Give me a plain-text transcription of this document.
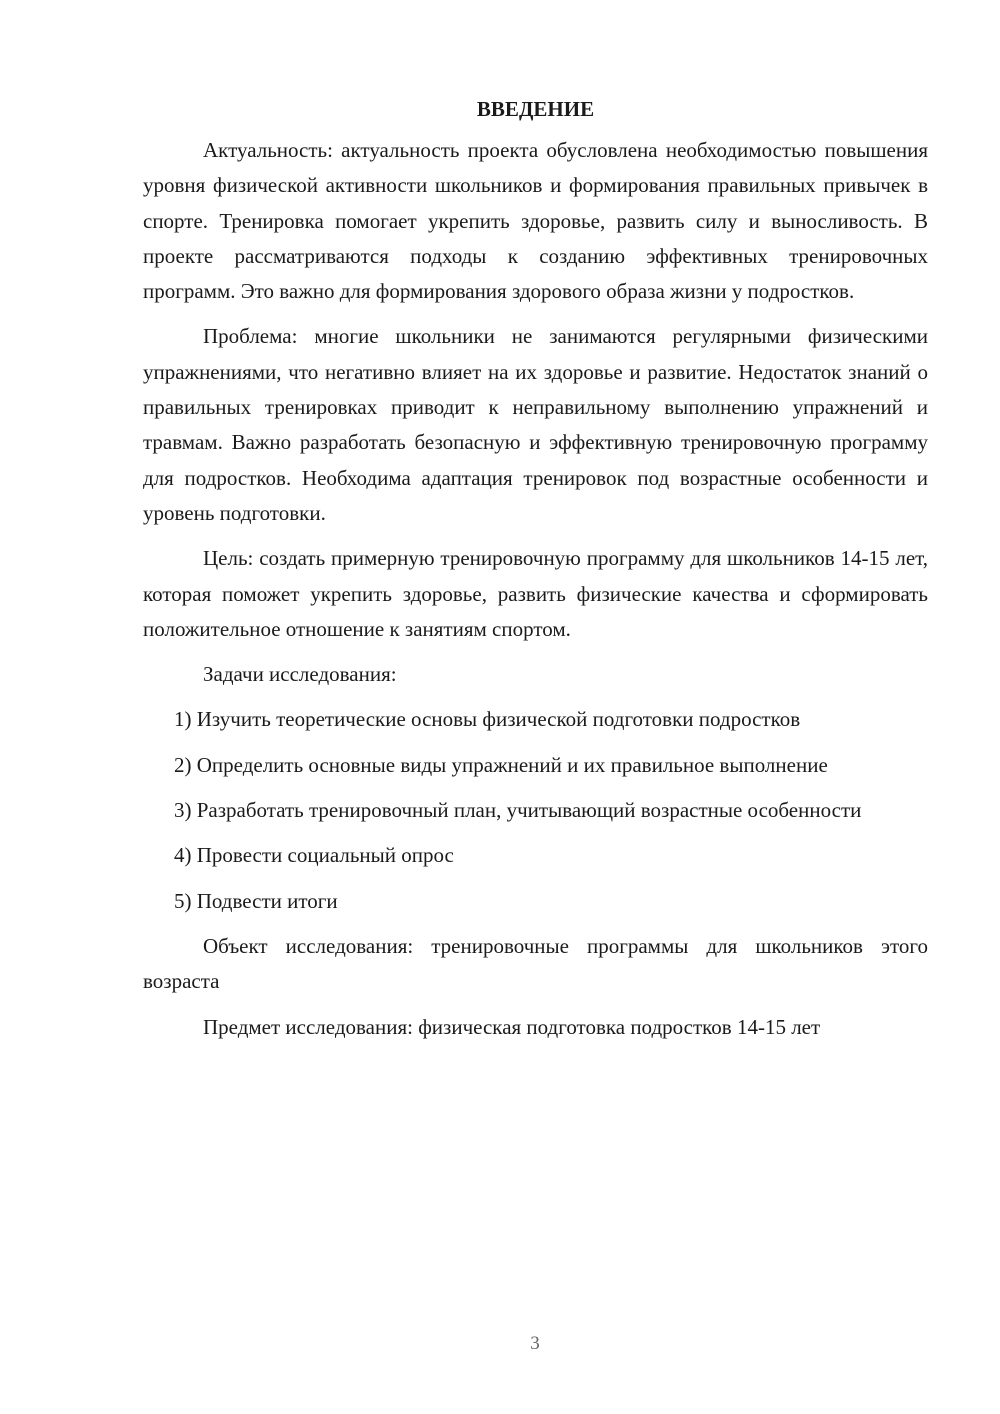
ВВЕДЕНИЕ

Актуальность: актуальность проекта обусловлена необходимостью повышения уровня физической активности школьников и формирования правильных привычек в спорте. Тренировка помогает укрепить здоровье, развить силу и выносливость. В проекте рассматриваются подходы к созданию эффективных тренировочных программ. Это важно для формирования здорового образа жизни у подростков.

Проблема: многие школьники не занимаются регулярными физическими упражнениями, что негативно влияет на их здоровье и развитие. Недостаток знаний о правильных тренировках приводит к неправильному выполнению упражнений и травмам. Важно разработать безопасную и эффективную тренировочную программу для подростков. Необходима адаптация тренировок под возрастные особенности и уровень подготовки.

Цель: создать примерную тренировочную программу для школьников 14-15 лет, которая поможет укрепить здоровье, развить физические качества и сформировать положительное отношение к занятиям спортом.

Задачи исследования:

1) Изучить теоретические основы физической подготовки подростков

2) Определить основные виды упражнений и их правильное выполнение

3) Разработать тренировочный план, учитывающий возрастные особенности

4) Провести социальный опрос

5) Подвести итоги

Объект исследования: тренировочные программы для школьников этого возраста

Предмет исследования: физическая подготовка подростков 14-15 лет

3
